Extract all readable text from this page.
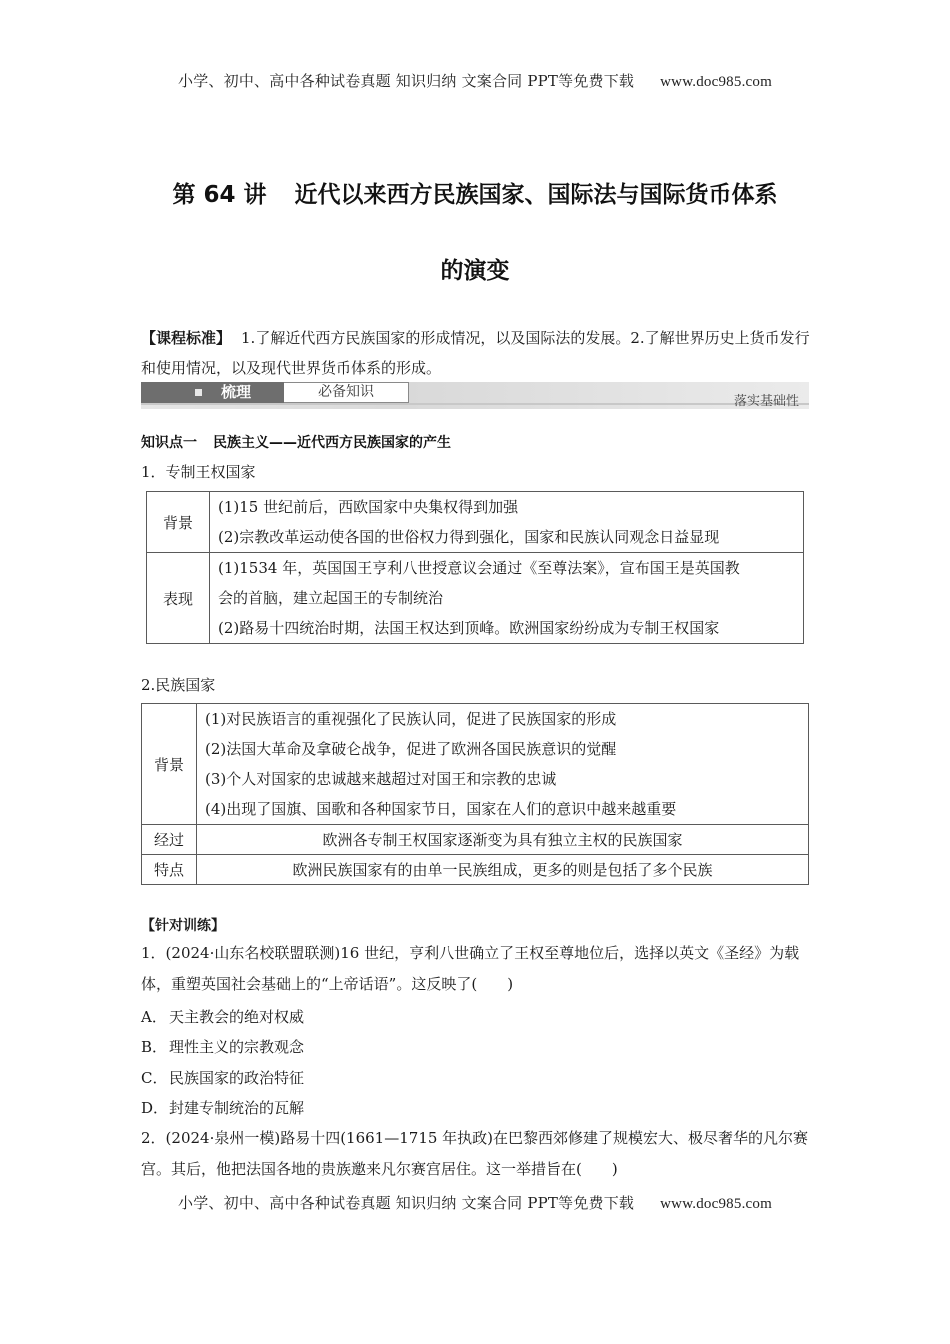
小学、初中、高中各种试卷真题 知识归纳 文案合同 PPT等免费下载 www.doc985.com
第 64 讲 近代以来西方民族国家、国际法与国际货币体系
的演变
【课程标准】 1.了解近代西方民族国家的形成情况，以及国际法的发展。2.了解世界历史上货币发行和使用情况，以及现代世界货币体系的形成。
梳理	必备知识
落实基础性
知识点一 民族主义——近代西方民族国家的产生
1．专制王权国家
背景	(1)15 世纪前后，西欧国家中央集权得到加强
(2)宗教改革运动使各国的世俗权力得到强化，国家和民族认同观念日益显现

表现	(1)1534 年，英国国王亨利八世授意议会通过《至尊法案》，宣布国王是英国教
会的首脑，建立起国王的专制统治
(2)路易十四统治时期，法国王权达到顶峰。欧洲国家纷纷成为专制王权国家
2.民族国家
背景	(1)对民族语言的重视强化了民族认同，促进了民族国家的形成
(2)法国大革命及拿破仑战争，促进了欧洲各国民族意识的觉醒
(3)个人对国家的忠诚越来越超过对国王和宗教的忠诚
(4)出现了国旗、国歌和各种国家节日，国家在人们的意识中越来越重要

经过	欧洲各专制王权国家逐渐变为具有独立主权的民族国家
特点	欧洲民族国家有的由单一民族组成，更多的则是包括了多个民族
【针对训练】
1．(2024·山东名校联盟联测)16 世纪，亨利八世确立了王权至尊地位后，选择以英文《圣经》为载体，重塑英国社会基础上的“上帝话语”。这反映了(　　)
A． 天主教会的绝对权威
B． 理性主义的宗教观念
C． 民族国家的政治特征
D．封建专制统治的瓦解
2．(2024·泉州一模)路易十四(1661—1715 年执政)在巴黎西郊修建了规模宏大、极尽奢华的凡尔赛宫。其后，他把法国各地的贵族邀来凡尔赛宫居住。这一举措旨在(　　)
小学、初中、高中各种试卷真题 知识归纳 文案合同 PPT等免费下载 www.doc985.com
